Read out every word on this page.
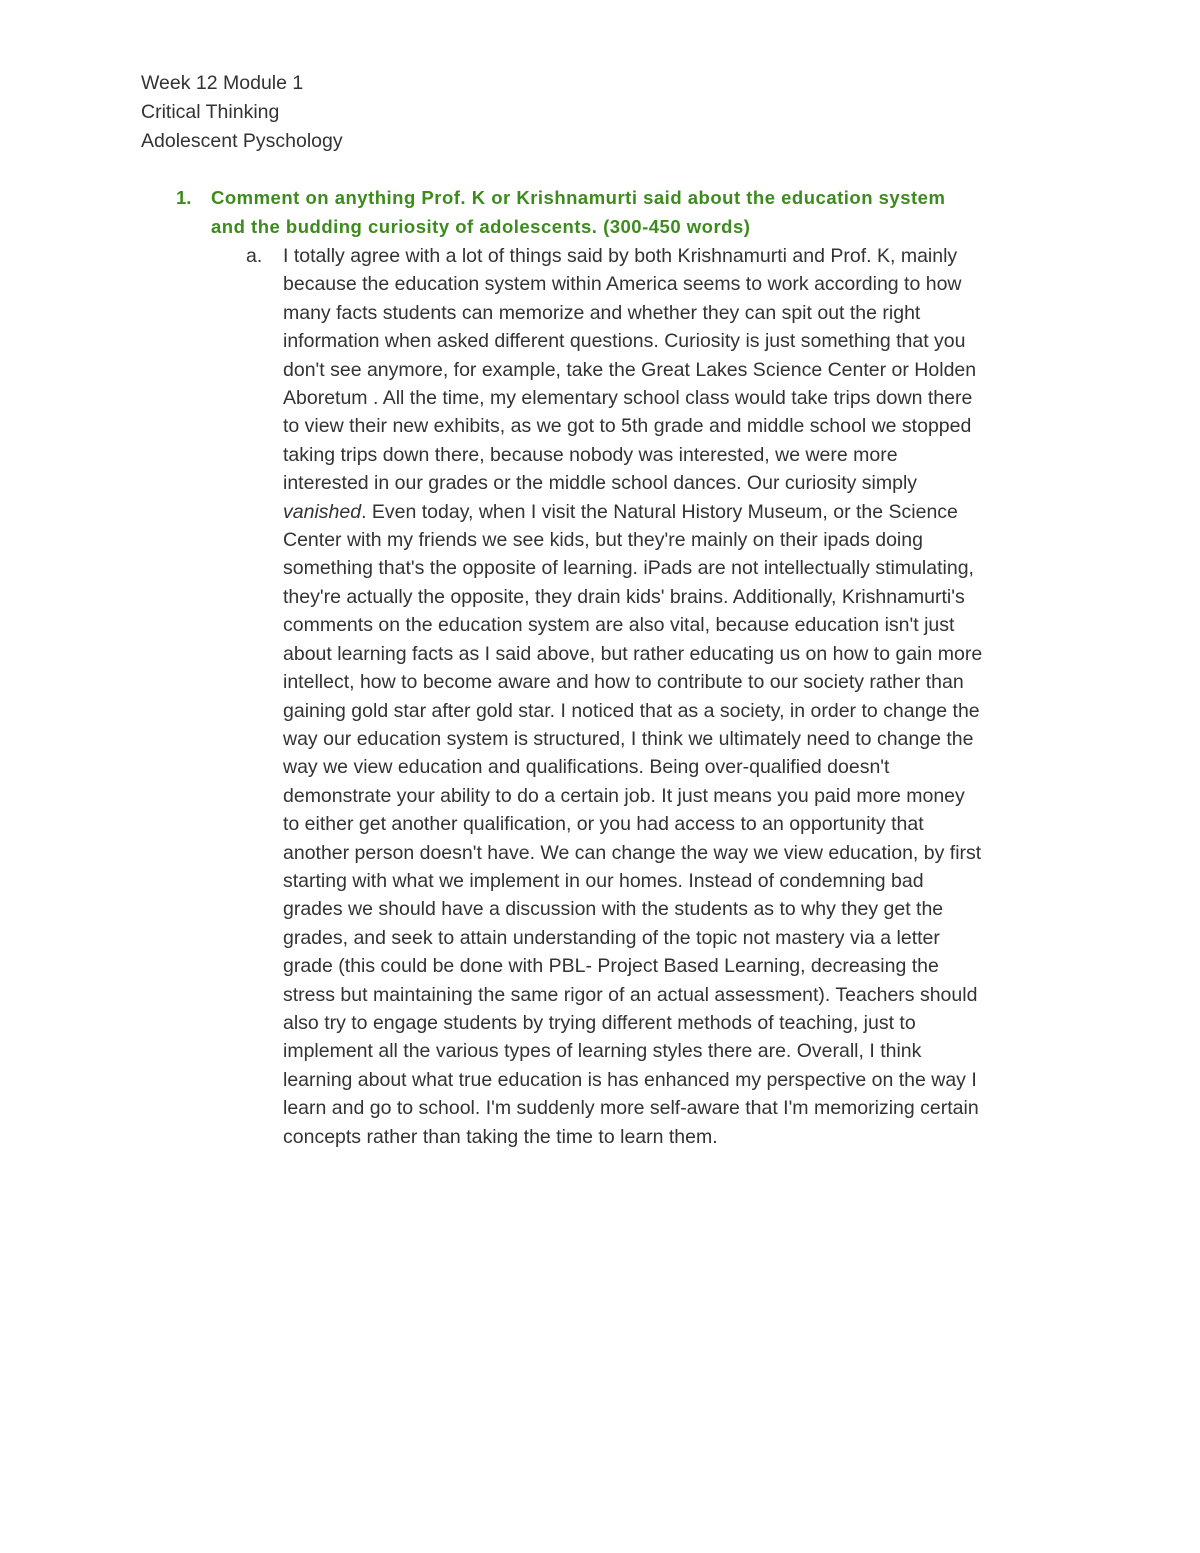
Week 12 Module 1
Critical Thinking
Adolescent Pyschology
1. Comment on anything Prof. K or Krishnamurti said about the education system
and the budding curiosity of adolescents. (300-450 words)
a. I totally agree with a lot of things said by both Krishnamurti and Prof. K, mainly
because the education system within America seems to work according to how
many facts students can memorize and whether they can spit out the right
information when asked different questions. Curiosity is just something that you
don't see anymore, for example, take the Great Lakes Science Center or Holden
Aboretum . All the time, my elementary school class would take trips down there
to view their new exhibits, as we got to 5th grade and middle school we stopped
taking trips down there, because nobody was interested, we were more
interested in our grades or the middle school dances. Our curiosity simply
vanished. Even today, when I visit the Natural History Museum, or the Science
Center with my friends we see kids, but they're mainly on their ipads doing
something that's the opposite of learning. iPads are not intellectually stimulating,
they're actually the opposite, they drain kids' brains. Additionally, Krishnamurti's
comments on the education system are also vital, because education isn't just
about learning facts as I said above, but rather educating us on how to gain more
intellect, how to become aware and how to contribute to our society rather than
gaining gold star after gold star. I noticed that as a society, in order to change the
way our education system is structured, I think we ultimately need to change the
way we view education and qualifications. Being over-qualified doesn't
demonstrate your ability to do a certain job. It just means you paid more money
to either get another qualification, or you had access to an opportunity that
another person doesn't have. We can change the way we view education, by first
starting with what we implement in our homes. Instead of condemning bad
grades we should have a discussion with the students as to why they get the
grades, and seek to attain understanding of the topic not mastery via a letter
grade (this could be done with PBL- Project Based Learning, decreasing the
stress but maintaining the same rigor of an actual assessment). Teachers should
also try to engage students by trying different methods of teaching, just to
implement all the various types of learning styles there are. Overall, I think
learning about what true education is has enhanced my perspective on the way I
learn and go to school. I'm suddenly more self-aware that I'm memorizing certain
concepts rather than taking the time to learn them.
